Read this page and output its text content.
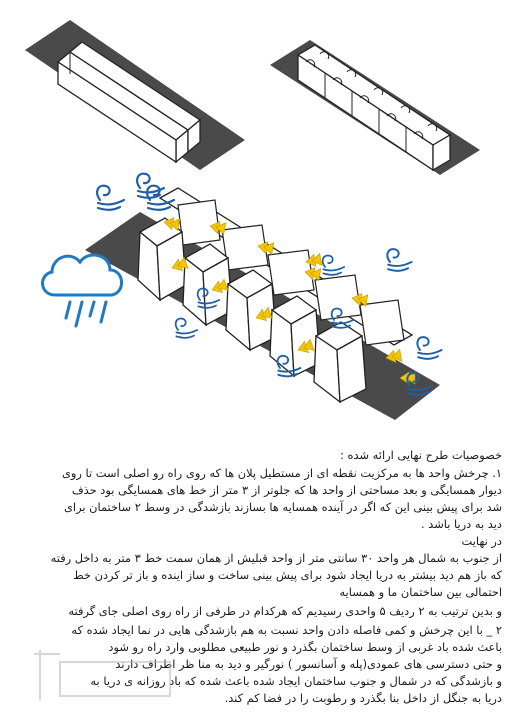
خصوصیات طرح نهایی ارائه شده :

۱. چرخش واحد ها به مرکزیت نقطه ای از مستطیل پلان ها که روی راه رو اصلی است تا روی

دیوار همسایگی و بعد مساحتی از واحد ها که جلوتر از ۳ متر از خط های همسایگی بود حذف

شد برای پیش بینی این که اگر در آینده همسایه ها بسازند بازشدگی در وسط ۲ ساختمان برای

دید به دریا باشد .

در نهایت

از جنوب به شمال هر واحد ۳۰ سانتی متر از واحد قبلیش از همان سمت خط ۳ متر به داخل رفته

که باز هم دید بیشتر به دریا ایجاد شود برای پیش بینی ساخت و ساز اینده و باز تر کردن خط

احتمالی بین ساختمان ما و همسایه

و بدین ترتیب به ۲ ردیف ۵ واحدی رسیدیم که هرکدام در طرفی از راه روی اصلی جای گرفته

۲ _ با این چرخش و کمی فاصله دادن واحد نسبت به هم بازشدگی هایی در نما ایجاد شده که

باعث شده باد غربی از وسط ساختمان بگذرد و نور طبیعی مطلوبی وارد راه رو شود

و حتی دسترسی های عمودی(پله و آسانسور ) نورگیر و دید به منا ظر اطراف دارند

و بازشدگی که در شمال و جنوب ساختمان ایجاد شده باعث شده که باد روزانه ی دریا به

دریا به جنگل از داخل بنا بگذرد و رطوبت را در فضا کم کند.
